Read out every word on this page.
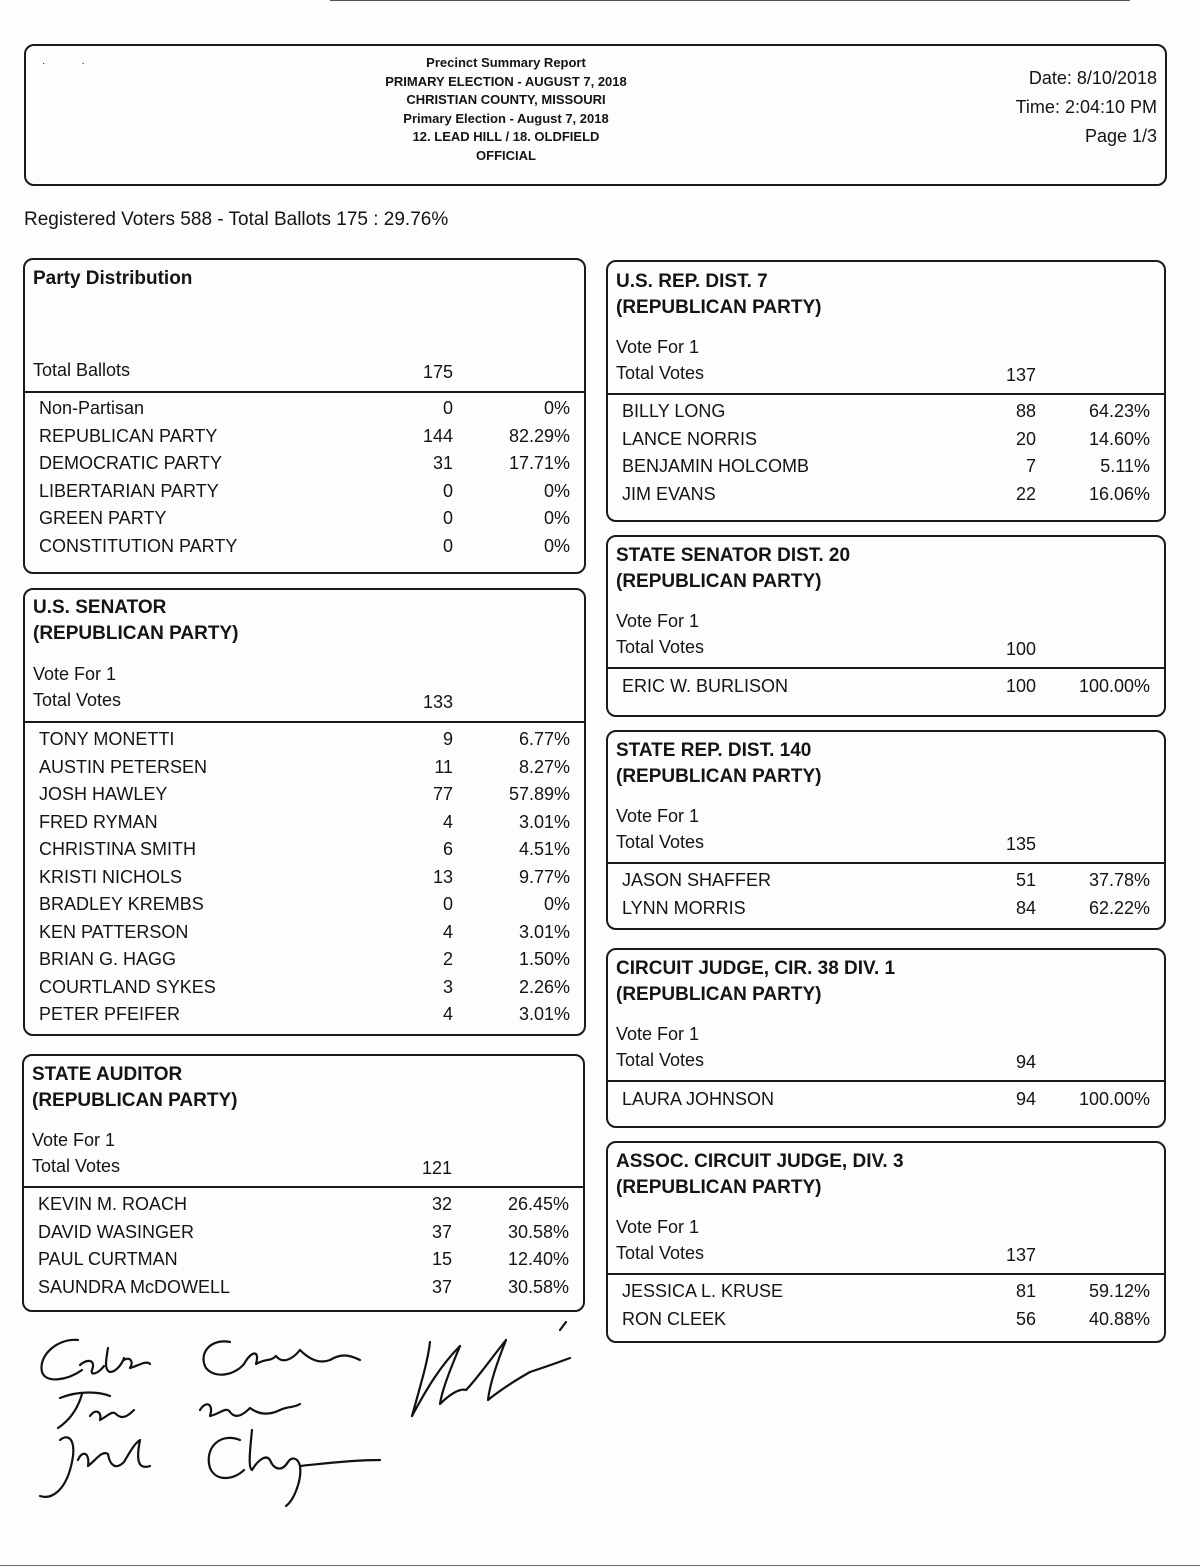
·             ·	Precinct Summary Report
PRIMARY ELECTION - AUGUST 7, 2018
CHRISTIAN COUNTY, MISSOURI
Primary Election - August 7, 2018
12. LEAD HILL / 18. OLDFIELD
OFFICIAL
Date: 8/10/2018
Time: 2:04:10 PM
Page 1/3
Registered Voters 588 - Total Ballots 175 : 29.76%
Party Distribution
Total Ballots	175
Non-Partisan	0	0%
REPUBLICAN PARTY	144	82.29%
DEMOCRATIC PARTY	31	17.71%
LIBERTARIAN PARTY	0	0%
GREEN PARTY	0	0%
CONSTITUTION PARTY	0	0%
U.S. SENATOR
(REPUBLICAN PARTY)
Vote For 1
Total Votes	133
TONY MONETTI	9	6.77%
AUSTIN PETERSEN	11	8.27%
JOSH HAWLEY	77	57.89%
FRED RYMAN	4	3.01%
CHRISTINA SMITH	6	4.51%
KRISTI NICHOLS	13	9.77%
BRADLEY KREMBS	0	0%
KEN PATTERSON	4	3.01%
BRIAN G. HAGG	2	1.50%
COURTLAND SYKES	3	2.26%
PETER PFEIFER	4	3.01%
STATE AUDITOR
(REPUBLICAN PARTY)
Vote For 1
Total Votes	121
KEVIN M. ROACH	32	26.45%
DAVID WASINGER	37	30.58%
PAUL CURTMAN	15	12.40%
SAUNDRA McDOWELL	37	30.58%
U.S. REP. DIST. 7
(REPUBLICAN PARTY)
Vote For 1
Total Votes	137
BILLY LONG	88	64.23%
LANCE NORRIS	20	14.60%
BENJAMIN HOLCOMB	7	5.11%
JIM EVANS	22	16.06%
STATE SENATOR DIST. 20
(REPUBLICAN PARTY)
Vote For 1
Total Votes	100
ERIC W. BURLISON	100 100.00%
STATE REP. DIST. 140
(REPUBLICAN PARTY)
Vote For 1
Total Votes	135
JASON SHAFFER	51	37.78%
LYNN MORRIS	84	62.22%
CIRCUIT JUDGE, CIR. 38 DIV. 1
(REPUBLICAN PARTY)
Vote For 1
Total Votes	94
LAURA JOHNSON	94 100.00%
ASSOC. CIRCUIT JUDGE, DIV. 3
(REPUBLICAN PARTY)
Vote For 1
Total Votes	137
JESSICA L. KRUSE	81	59.12%
RON CLEEK	56	40.88%
